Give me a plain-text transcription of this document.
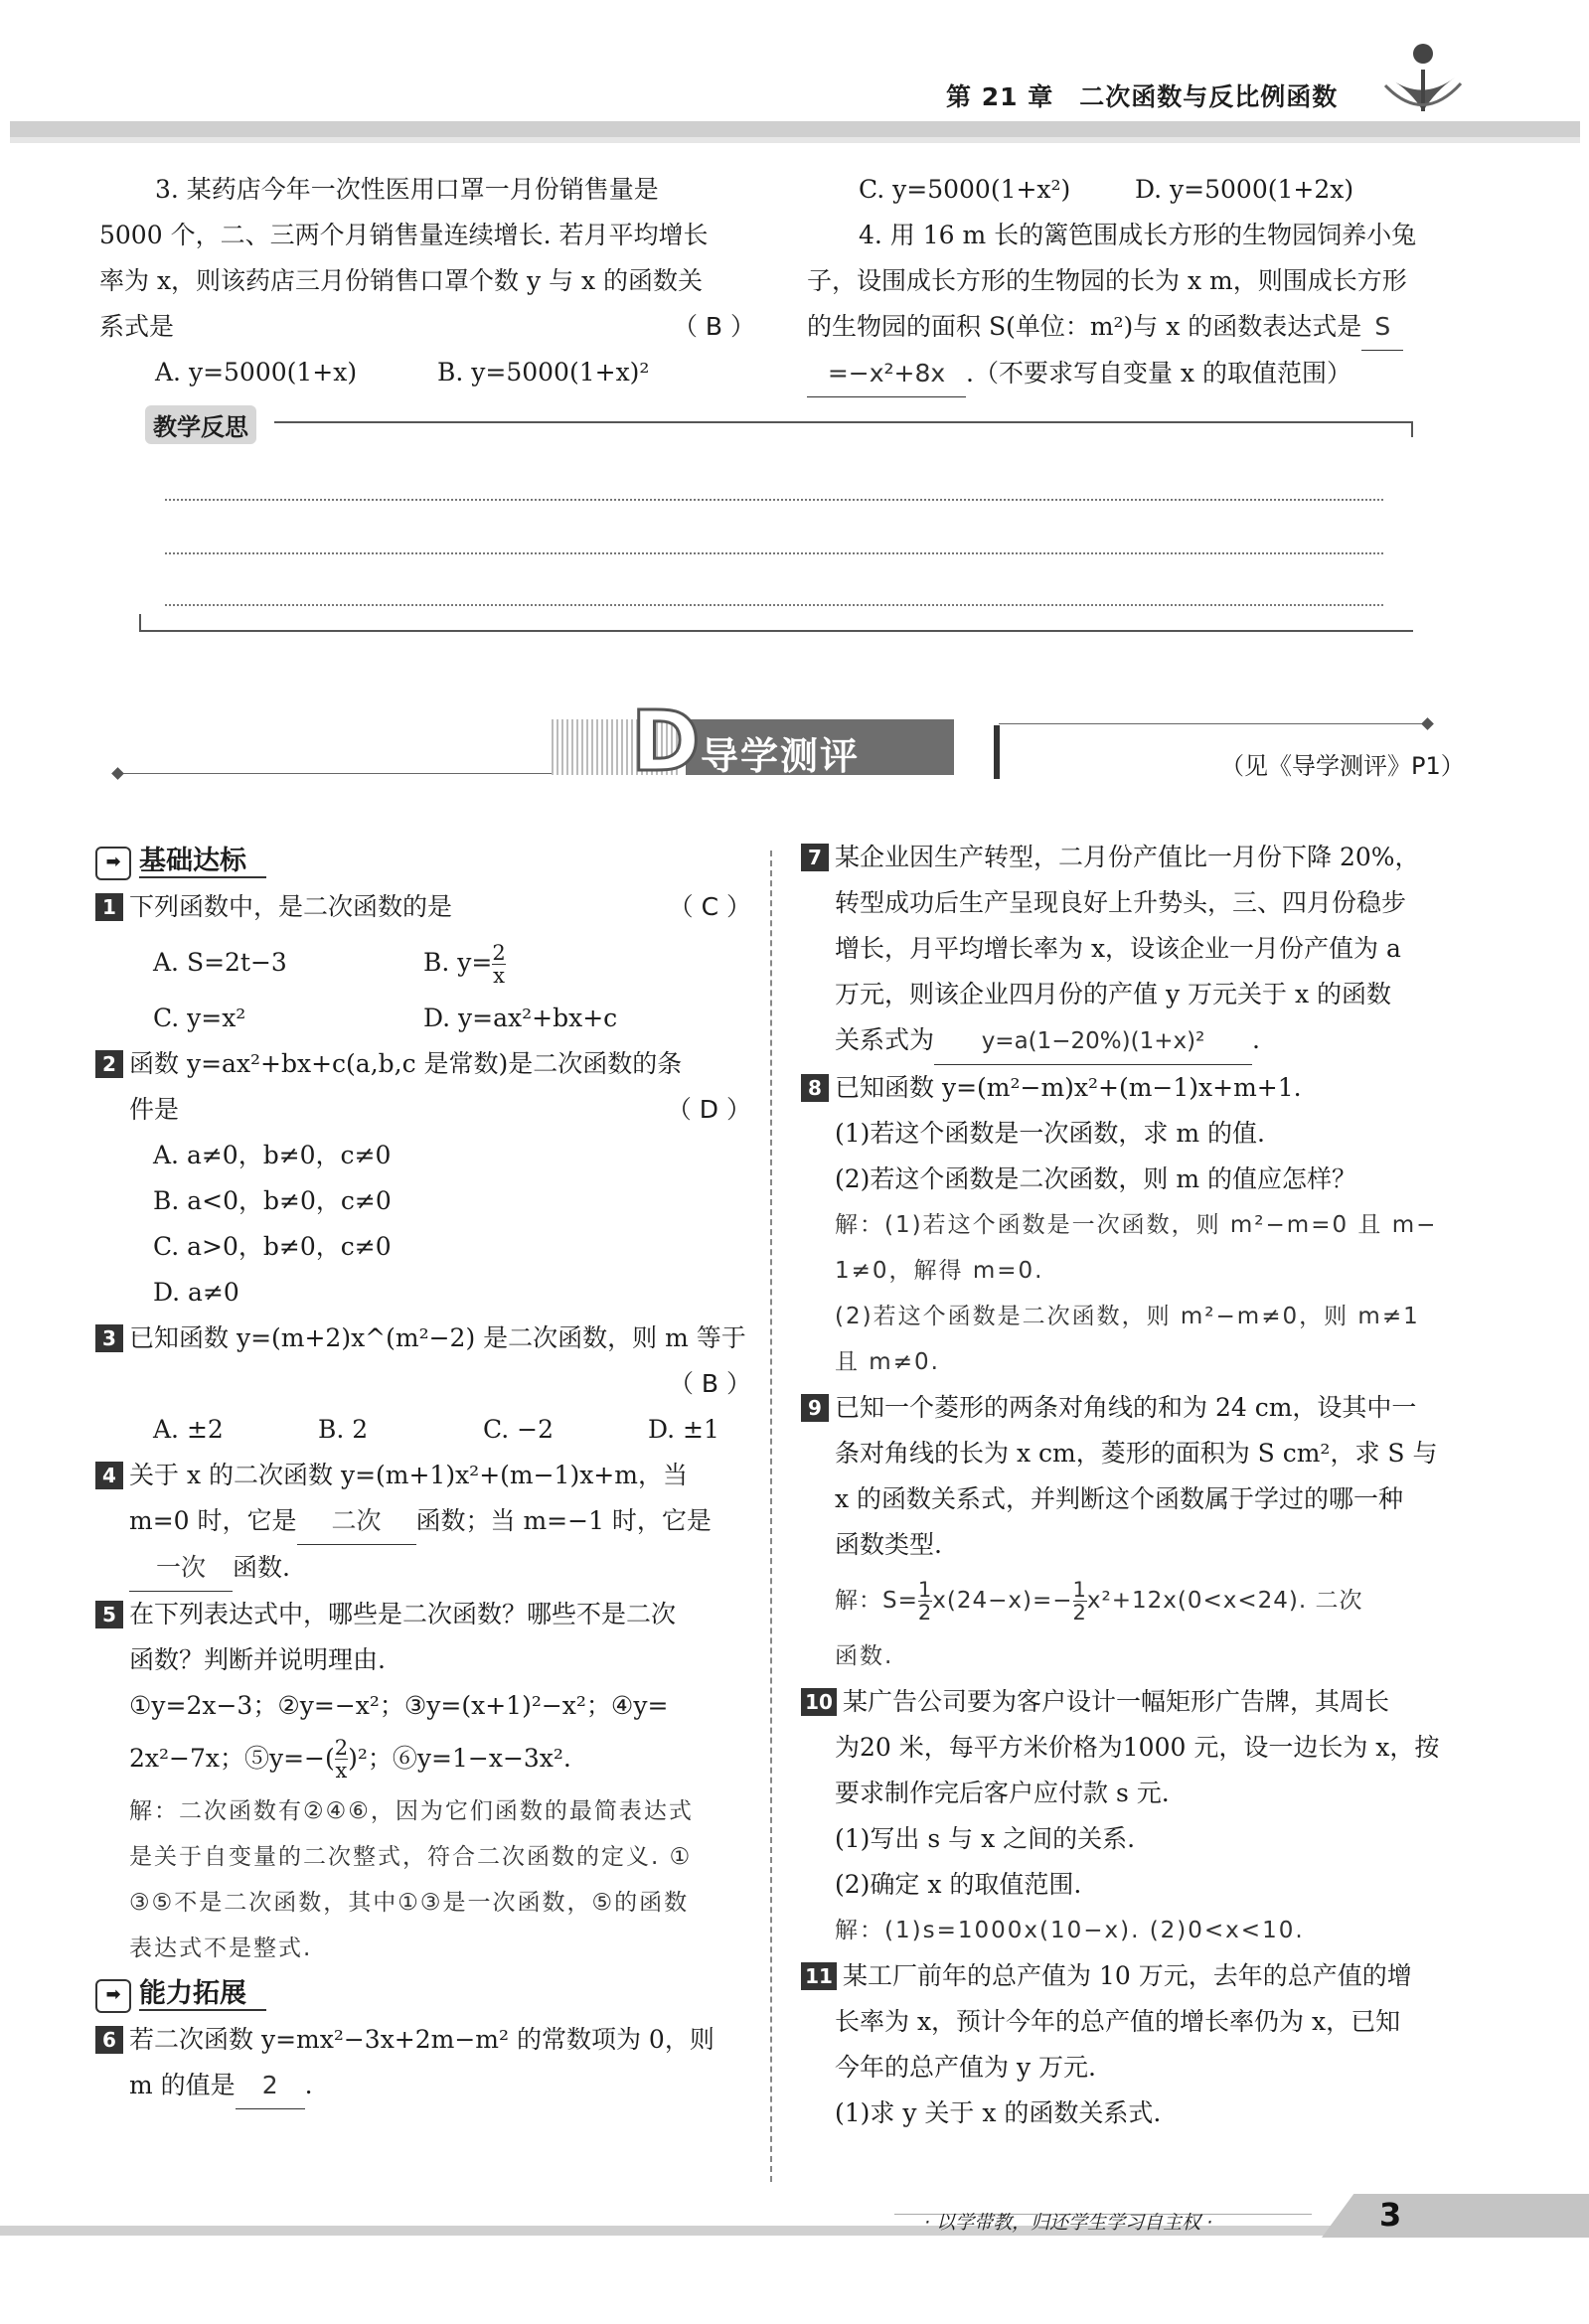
第 21 章　二次函数与反比例函数
3. 某药店今年一次性医用口罩一月份销售量是
5000 个，二、三两个月销售量连续增长. 若月平均增长
率为 x，则该药店三月份销售口罩个数 y 与 x 的函数关
系式是	（ B ）
A. y=5000(1+x)	B. y=5000(1+x)²
C. y=5000(1+x²)	D. y=5000(1+2x)
4. 用 16 m 长的篱笆围成长方形的生物园饲养小兔
子，设围成长方形的生物园的长为 x m，则围成长方形
的生物园的面积 S(单位：m²)与 x 的函数表达式是 S
=−x²+8x .（不要求写自变量 x 的取值范围）
教学反思
D 导学测评	（见《导学测评》P1）
➡ 基础达标
1 下列函数中，是二次函数的是	（ C ）
A. S=2t−3	B. $y= \frac{2}{x}$
C. y=x²	D. y=ax²+bx+c
2 函数 y=ax²+bx+c(a,b,c 是常数)是二次函数的条
件是	（ D ）
A. a≠0，b≠0，c≠0
B. a<0，b≠0，c≠0
C. a>0，b≠0，c≠0
D. a≠0
3 已知函数 y=(m+2)x^(m²−2) 是二次函数，则 m 等于
（ B ）
A. ±2	B. 2	C. −2	D. ±1
4 关于 x 的二次函数 y=(m+1)x²+(m−1)x+m，当
m=0 时，它是 二次 函数；当 m=−1 时，它是
一次 函数.
5 在下列表达式中，哪些是二次函数？哪些不是二次
函数？判断并说明理由.
①y=2x−3；②y=−x²；③y=(x+1)²−x²；④y=
2x²−7x；⑤y=−( $\frac{2}{x} )^2$；⑥y=1−x−3x².
解：二次函数有②④⑥，因为它们函数的最简表达式
是关于自变量的二次整式，符合二次函数的定义. ①
③⑤不是二次函数，其中①③是一次函数，⑤的函数
表达式不是整式.
➡ 能力拓展
6 若二次函数 y=mx²−3x+2m−m² 的常数项为 0，则
m 的值是 2 .
7 某企业因生产转型，二月份产值比一月份下降 20%，
转型成功后生产呈现良好上升势头，三、四月份稳步
增长，月平均增长率为 x，设该企业一月份产值为 a
万元，则该企业四月份的产值 y 万元关于 x 的函数
关系式为 y=a(1−20%)(1+x)² .
8 已知函数 y=(m²−m)x²+(m−1)x+m+1.
(1)若这个函数是一次函数，求 m 的值.
(2)若这个函数是二次函数，则 m 的值应怎样？
解：(1)若这个函数是一次函数，则 m²−m=0 且 m−
1≠0，解得 m=0.
(2)若这个函数是二次函数，则 m²−m≠0，则 m≠1
且 m≠0.
9 已知一个菱形的两条对角线的和为 24 cm，设其中一
条对角线的长为 x cm，菱形的面积为 S cm²，求 S 与
x 的函数关系式，并判断这个函数属于学过的哪一种
函数类型.
解：$S= \frac{1}{2} x(24-x)=- \frac{1}{2} x^2+12x(0<x<24)$. 二次
函数.
10 某广告公司要为客户设计一幅矩形广告牌，其周长
为20 米，每平方米价格为1000 元，设一边长为 x，按
要求制作完后客户应付款 s 元.
(1)写出 s 与 x 之间的关系.
(2)确定 x 的取值范围.
解：(1)s=1000x(10−x). (2)0<x<10.
11 某工厂前年的总产值为 10 万元，去年的总产值的增
长率为 x，预计今年的总产值的增长率仍为 x，已知
今年的总产值为 y 万元.
(1)求 y 关于 x 的函数关系式.
· 以学带教，归还学生学习自主权 ·	3
